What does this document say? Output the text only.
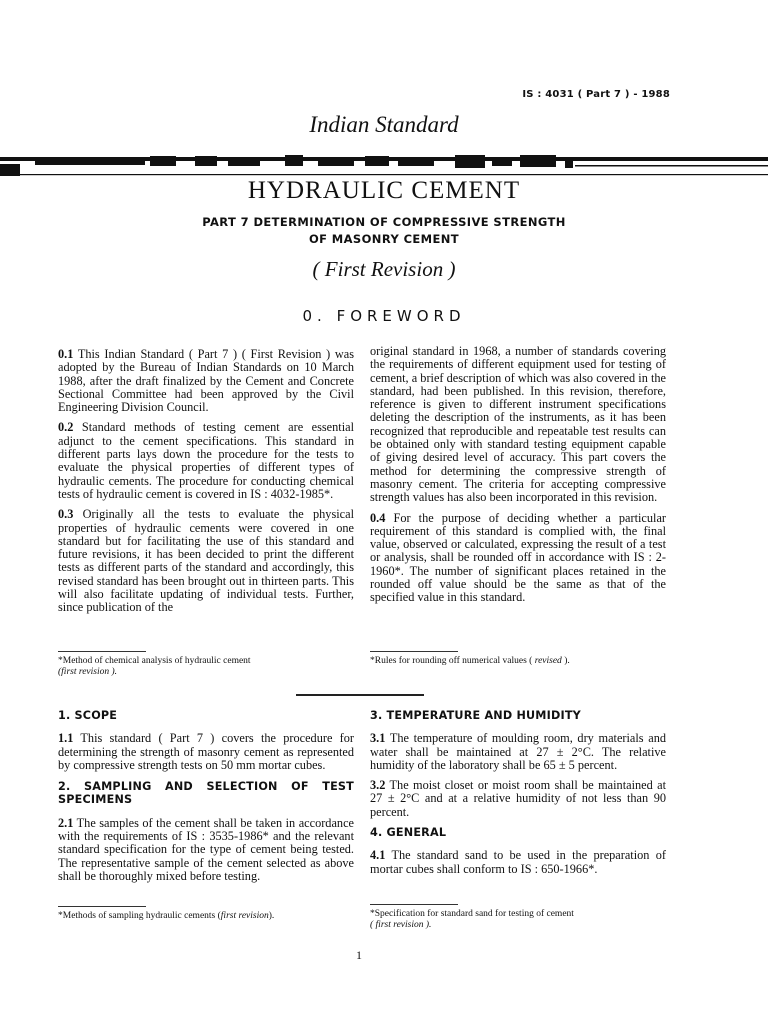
IS : 4031 ( Part 7 ) - 1988
Indian Standard
HYDRAULIC CEMENT
PART 7 DETERMINATION OF COMPRESSIVE STRENGTH
OF MASONRY CEMENT
( First Revision )
0. FOREWORD

0.1 This Indian Standard ( Part 7 ) ( First Revision ) was adopted by the Bureau of Indian Standards on 10 March 1988, after the draft finalized by the Cement and Concrete Sectional Committee had been approved by the Civil Engineering Division Council.

0.2 Standard methods of testing cement are essential adjunct to the cement specifications. This standard in different parts lays down the procedure for the tests to evaluate the physical properties of different types of hydraulic cements. The procedure for conducting chemical tests of hydraulic cement is covered in IS : 4032-1985*.

0.3 Originally all the tests to evaluate the physical properties of hydraulic cements were covered in one standard but for facilitating the use of this standard and future revisions, it has been decided to print the different tests as different parts of the standard and accordingly, this revised standard has been brought out in thirteen parts. This will also facilitate updating of individual tests. Further, since publication of the

original standard in 1968, a number of standards covering the requirements of different equipment used for testing of cement, a brief description of which was also covered in the standard, had been published. In this revision, therefore, reference is given to different instrument specifications deleting the description of the instruments, as it has been recognized that reproducible and repeatable test results can be obtained only with standard testing equipment capable of giving desired level of accuracy. This part covers the method for determining the compressive strength of masonry cement. The criteria for accepting compressive strength values has also been incorporated in this revision.

0.4 For the purpose of deciding whether a particular requirement of this standard is complied with, the final value, observed or calculated, expressing the result of a test or analysis, shall be rounded off in accordance with IS : 2-1960*. The number of significant places retained in the rounded off value should be the same as that of the specified value in this standard.

*Method of chemical analysis of hydraulic cement
(first revision ).
*Rules for rounding off numerical values ( revised ).
1. SCOPE

1.1 This standard ( Part 7 ) covers the procedure for determining the strength of masonry cement as represented by compressive strength tests on 50 mm mortar cubes.

2. SAMPLING AND SELECTION OF TEST SPECIMENS

2.1 The samples of the cement shall be taken in accordance with the requirements of IS : 3535-1986* and the relevant standard specification for the type of cement being tested. The representative sample of the cement selected as above shall be thoroughly mixed before testing.

3. TEMPERATURE AND HUMIDITY

3.1 The temperature of moulding room, dry materials and water shall be maintained at 27 ± 2°C. The relative humidity of the laboratory shall be 65 ± 5 percent.

3.2 The moist closet or moist room shall be maintained at 27 ± 2°C and at a relative humidity of not less than 90 percent.

4. GENERAL

4.1 The standard sand to be used in the preparation of mortar cubes shall conform to IS : 650-1966*.

*Methods of sampling hydraulic cements (first revision).	*Specification for standard sand for testing of cement
( first revision ).
1
